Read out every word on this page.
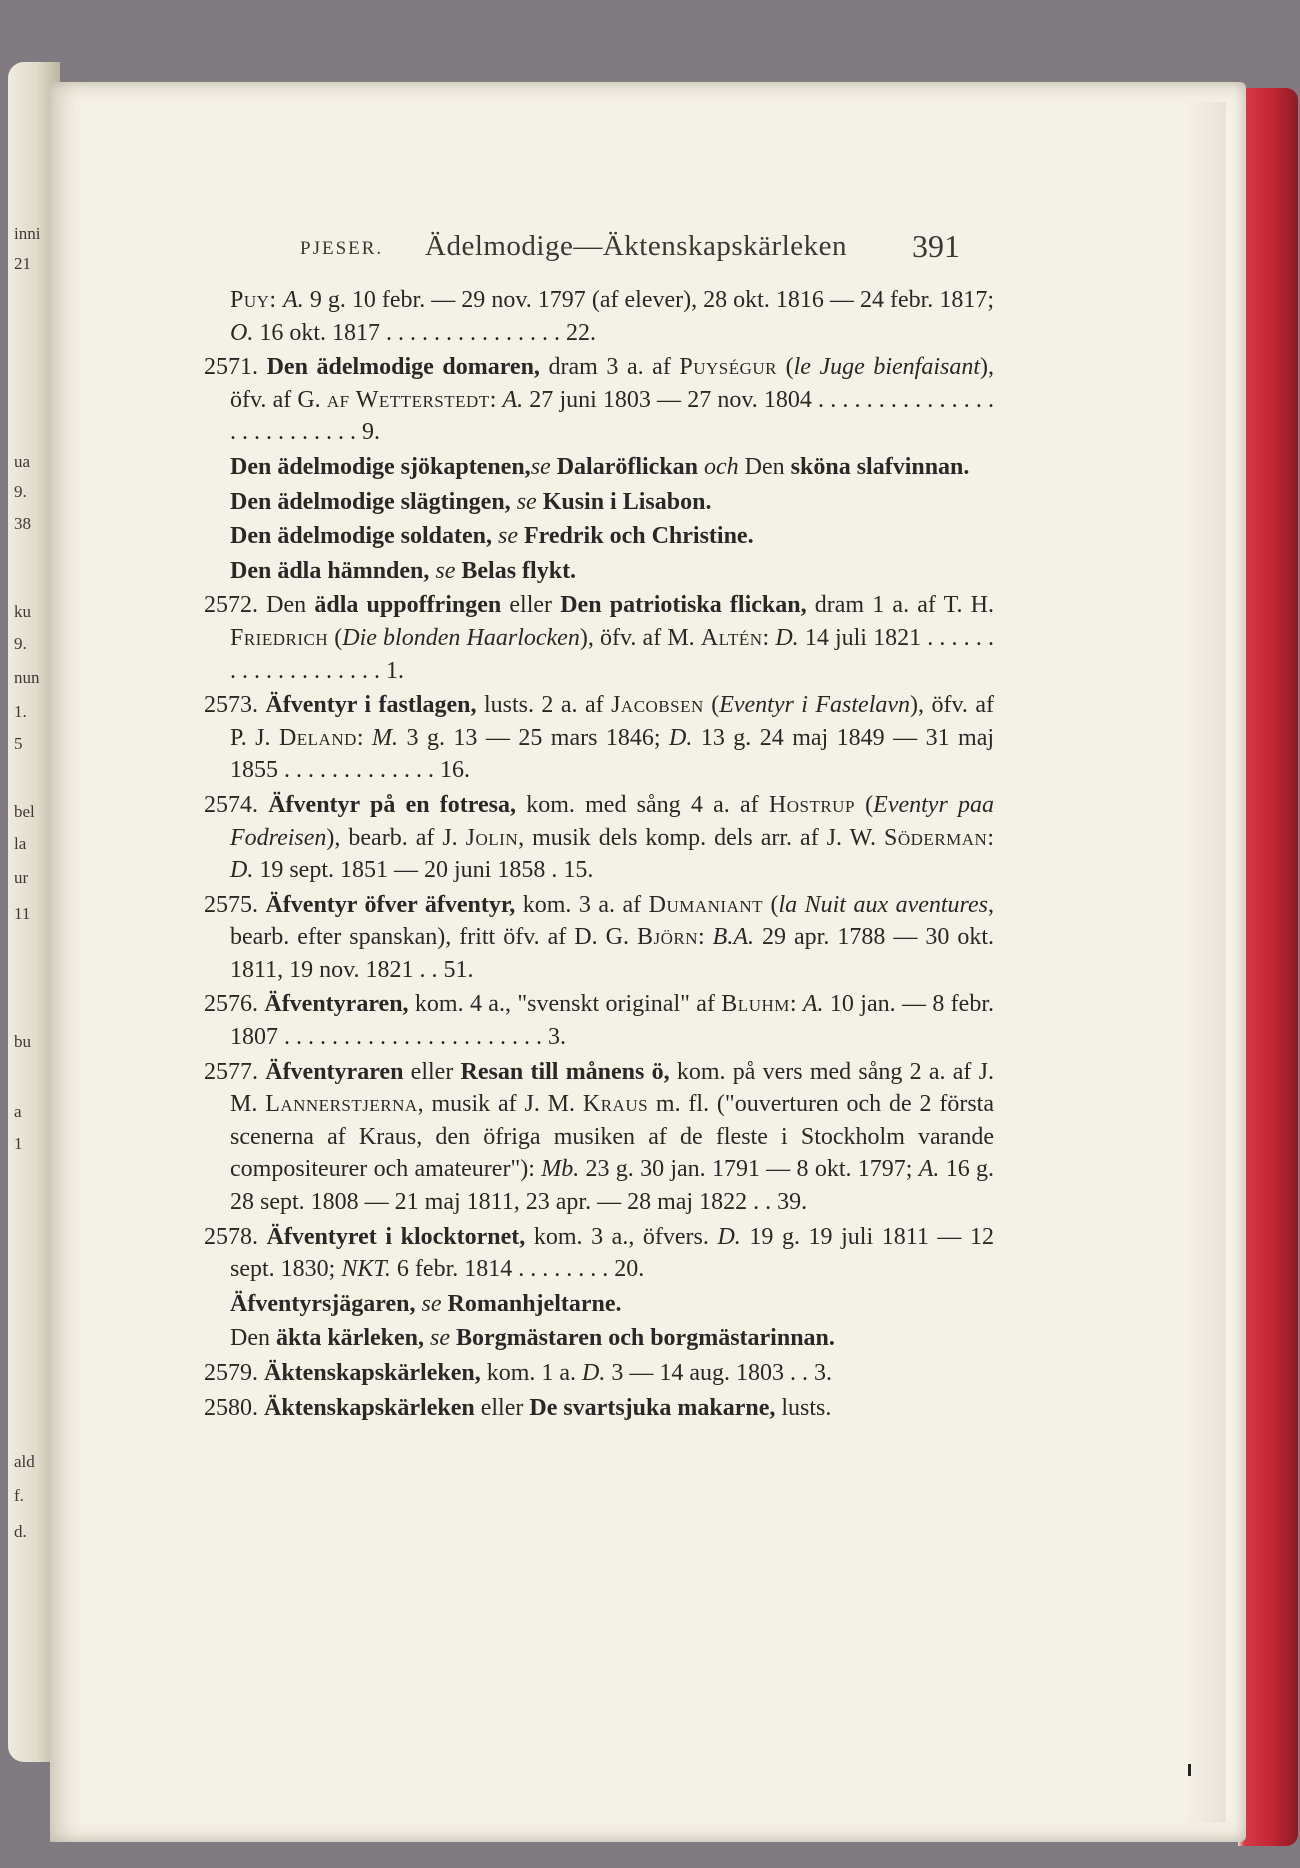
inni
21
ua
9.
38
ku
9.
nun
1.
5
bel
la
ur
11
bu
a
1
ald
f.
d.
PJESER. Ädelmodige—Äktenskapskärleken 391

Puy: A. 9 g. 10 febr. — 29 nov. 1797 (af elever), 28 okt. 1816 — 24 febr. 1817; O. 16 okt. 1817 . . . . . . . . . . . . . . . 22.

2571. Den ädelmodige domaren, dram 3 a. af Puységur (le Juge bienfaisant), öfv. af G. af Wetterstedt: A. 27 juni 1803 — 27 nov. 1804 . . . . . . . . . . . . . . . . . . . . . . . . . . 9.

Den ädelmodige sjökaptenen,se Dalaröflickan och Den sköna slafvinnan.

Den ädelmodige slägtingen, se Kusin i Lisabon.

Den ädelmodige soldaten, se Fredrik och Christine.

Den ädla hämnden, se Belas flykt.

2572. Den ädla uppoffringen eller Den patriotiska flickan, dram 1 a. af T. H. Friedrich (Die blonden Haarlocken), öfv. af M. Altén: D. 14 juli 1821 . . . . . . . . . . . . . . . . . . . 1.

2573. Äfventyr i fastlagen, lusts. 2 a. af Jacobsen (Eventyr i Fastelavn), öfv. af P. J. Deland: M. 3 g. 13 — 25 mars 1846; D. 13 g. 24 maj 1849 — 31 maj 1855 . . . . . . . . . . . . . 16.

2574. Äfventyr på en fotresa, kom. med sång 4 a. af Hostrup (Eventyr paa Fodreisen), bearb. af J. Jolin, musik dels komp. dels arr. af J. W. Söderman: D. 19 sept. 1851 — 20 juni 1858 . 15.

2575. Äfventyr öfver äfventyr, kom. 3 a. af Dumaniant (la Nuit aux aventures, bearb. efter spanskan), fritt öfv. af D. G. Björn: B.A. 29 apr. 1788 — 30 okt. 1811, 19 nov. 1821 . . 51.

2576. Äfventyraren, kom. 4 a., "svenskt original" af Bluhm: A. 10 jan. — 8 febr. 1807 . . . . . . . . . . . . . . . . . . . . . . 3.

2577. Äfventyraren eller Resan till månens ö, kom. på vers med sång 2 a. af J. M. Lannerstjerna, musik af J. M. Kraus m. fl. ("ouverturen och de 2 första scenerna af Kraus, den öfriga musiken af de fleste i Stockholm varande compositeurer och amateurer"): Mb. 23 g. 30 jan. 1791 — 8 okt. 1797; A. 16 g. 28 sept. 1808 — 21 maj 1811, 23 apr. — 28 maj 1822 . . 39.

2578. Äfventyret i klocktornet, kom. 3 a., öfvers. D. 19 g. 19 juli 1811 — 12 sept. 1830; NKT. 6 febr. 1814 . . . . . . . . 20.

Äfventyrsjägaren, se Romanhjeltarne.

Den äkta kärleken, se Borgmästaren och borgmästarinnan.

2579. Äktenskapskärleken, kom. 1 a. D. 3 — 14 aug. 1803 . . 3.

2580. Äktenskapskärleken eller De svartsjuka makarne, lusts.
